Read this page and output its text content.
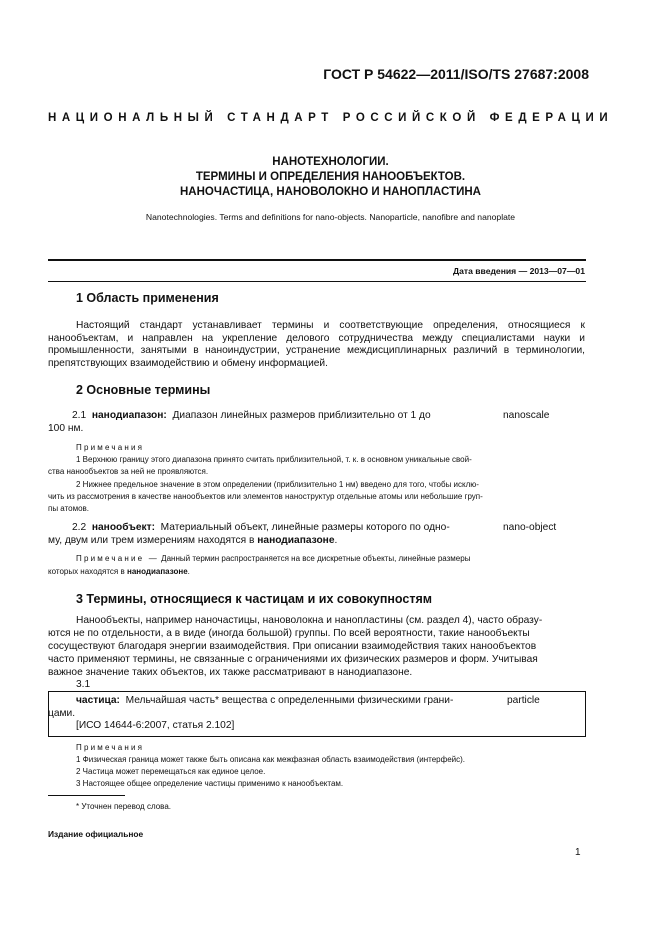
ГОСТ Р 54622—2011/ISO/TS 27687:2008
НАЦИОНАЛЬНЫЙ СТАНДАРТ РОССИЙСКОЙ ФЕДЕРАЦИИ
НАНОТЕХНОЛОГИИ.
ТЕРМИНЫ И ОПРЕДЕЛЕНИЯ НАНООБЪЕКТОВ.
НАНОЧАСТИЦА, НАНОВОЛОКНО И НАНОПЛАСТИНА
Nanotechnologies. Terms and definitions for nano-objects. Nanoparticle, nanofibre and nanoplate
Дата введения — 2013—07—01
1 Область применения
Настоящий стандарт устанавливает термины и соответствующие определения, относящиеся к нанообъектам, и направлен на укрепление делового сотрудничества между специалистами науки и промышленности, занятыми в наноиндустрии, устранение междисциплинарных различий в терминологии, препятствующих взаимодействию и обмену информацией.
2 Основные термины
2.1 нанодиапазон: Диапазон линейных размеров приблизительно от 1 до	nanoscale
100 нм.
Примечания
1 Верхнюю границу этого диапазона принято считать приблизительной, т. к. в основном уникальные свой-
ства нанообъектов за ней не проявляются.
2 Нижнее предельное значение в этом определении (приблизительно 1 нм) введено для того, чтобы исклю-
чить из рассмотрения в качестве нанообъектов или элементов наноструктур отдельные атомы или небольшие груп-
пы атомов.
2.2 нанообъект: Материальный объект, линейные размеры которого по одно-	nano-object
му, двум или трем измерениям находятся в нанодиапазоне.
Примечание — Данный термин распространяется на все дискретные объекты, линейные размеры
которых находятся в нанодиапазоне.
3 Термины, относящиеся к частицам и их совокупностям
Нанообъекты, например наночастицы, нановолокна и нанопластины (см. раздел 4), часто образу-
ются не по отдельности, а в виде (иногда большой) группы. По всей вероятности, такие нанообъекты
сосуществуют благодаря энергии взаимодействия. При описании взаимодействия таких нанообъектов
часто применяют термины, не связанные с ограничениями их физических размеров и форм. Учитывая
важное значение таких объектов, их также рассматривают в нанодиапазоне.
3.1
частица: Мельчайшая часть* вещества с определенными физическими грани-	particle
цами.
[ИСО 14644-6:2007, статья 2.102]
Примечания
1 Физическая граница может также быть описана как межфазная область взаимодействия (интерфейс).
2 Частица может перемещаться как единое целое.
3 Настоящее общее определение частицы применимо к нанообъектам.
* Уточнен перевод слова.
Издание официальное
1
